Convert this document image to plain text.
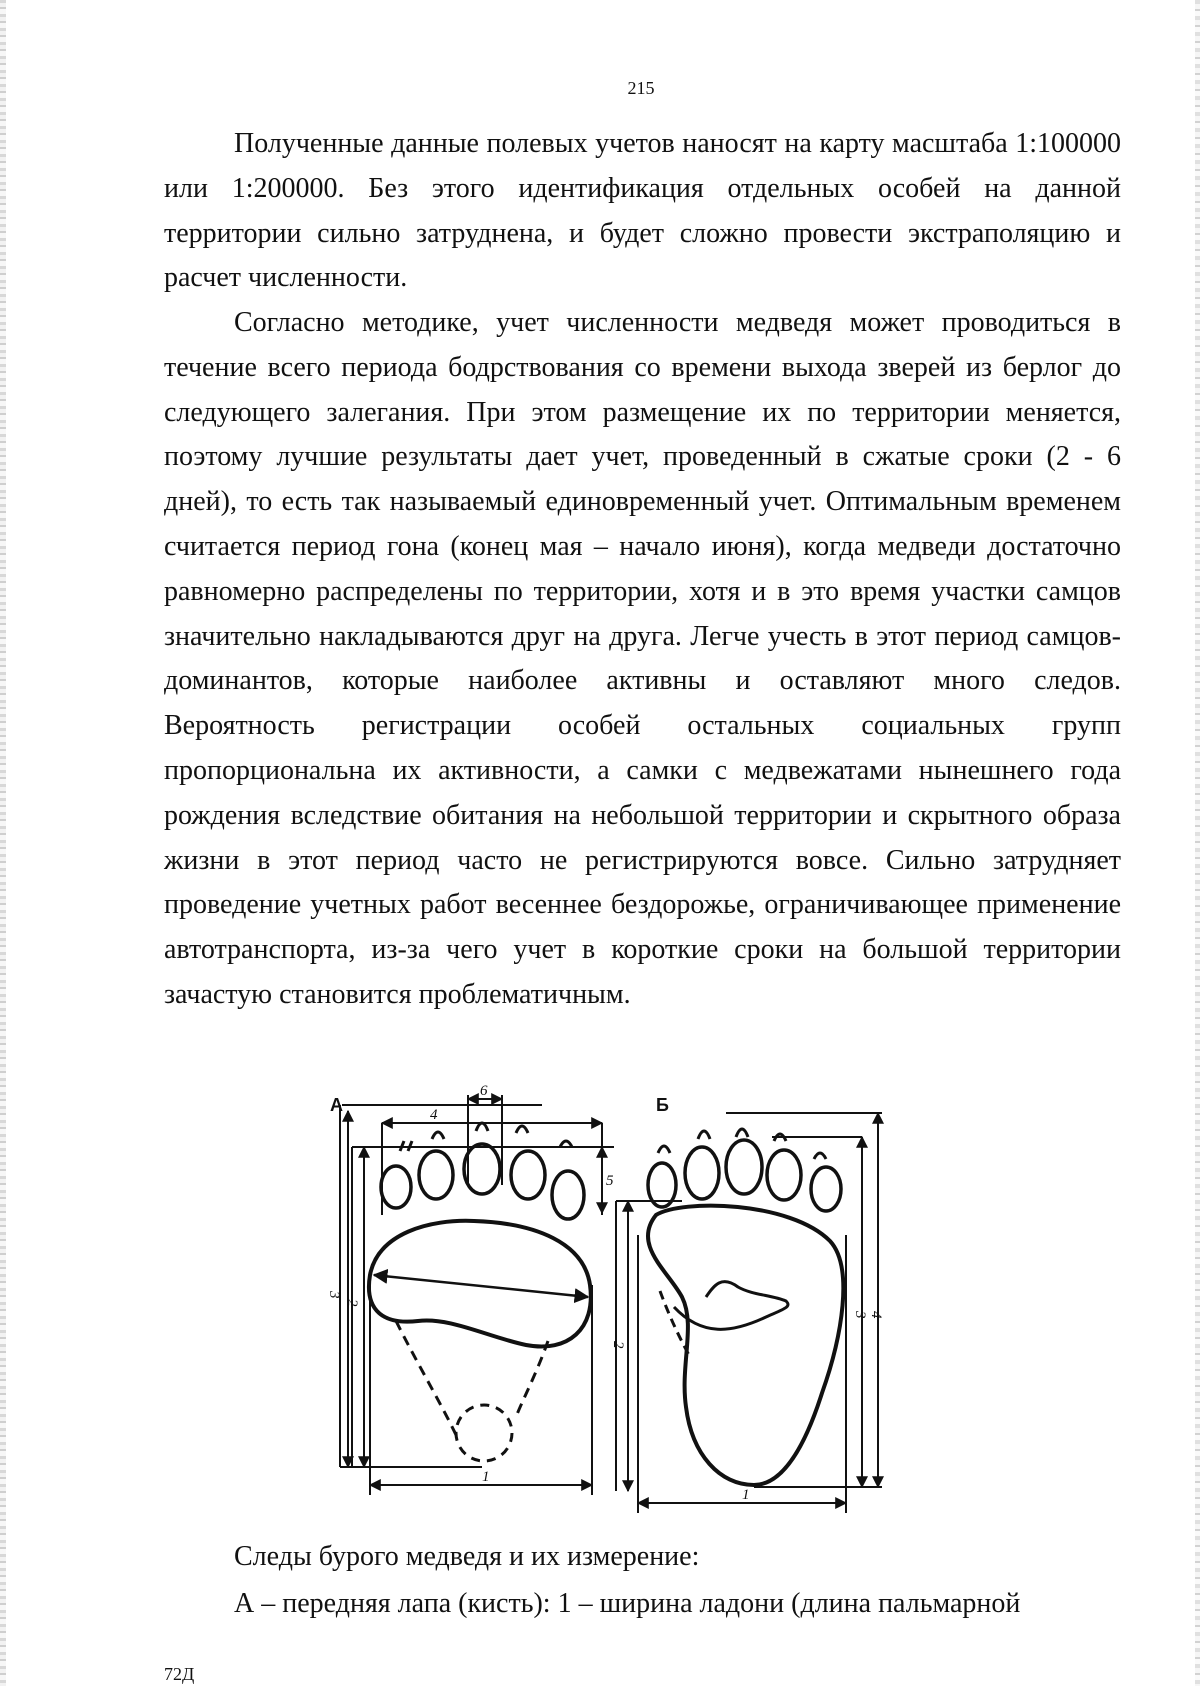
215

Полученные данные полевых учетов наносят на карту масштаба 1:100000 или 1:200000. Без этого идентификация отдельных особей на данной территории сильно затруднена, и будет сложно провести экстраполяцию и расчет численности.

Согласно методике, учет численности медведя может проводиться в течение всего периода бодрствования со времени выхода зверей из берлог до следующего залегания. При этом размещение их по территории меняется, поэтому лучшие результаты дает учет, проведенный в сжатые сроки (2 - 6 дней), то есть так называемый единовременный учет. Оптимальным временем считается период гона (конец мая – начало июня), когда медведи достаточно равномерно распределены по территории, хотя и в это время участки самцов значительно накладываются друг на друга. Легче учесть в этот период самцов-доминантов, которые наиболее активны и оставляют много следов. Вероятность регистрации особей остальных социальных групп пропорциональна их активности, а самки с медвежатами нынешнего года рождения вследствие обитания на небольшой территории и скрытного образа жизни в этот период часто не регистрируются вовсе. Сильно затрудняет проведение учетных работ весеннее бездорожье, ограничивающее применение автотранспорта, из-за чего учет в короткие сроки на большой территории зачастую становится проблематичным.

А
6
4
5
3
2
1
Б
2
3 4
1

Следы бурого медведя и их измерение:

А – передняя лапа (кисть): 1 – ширина ладони (длина пальмарной

72Д
